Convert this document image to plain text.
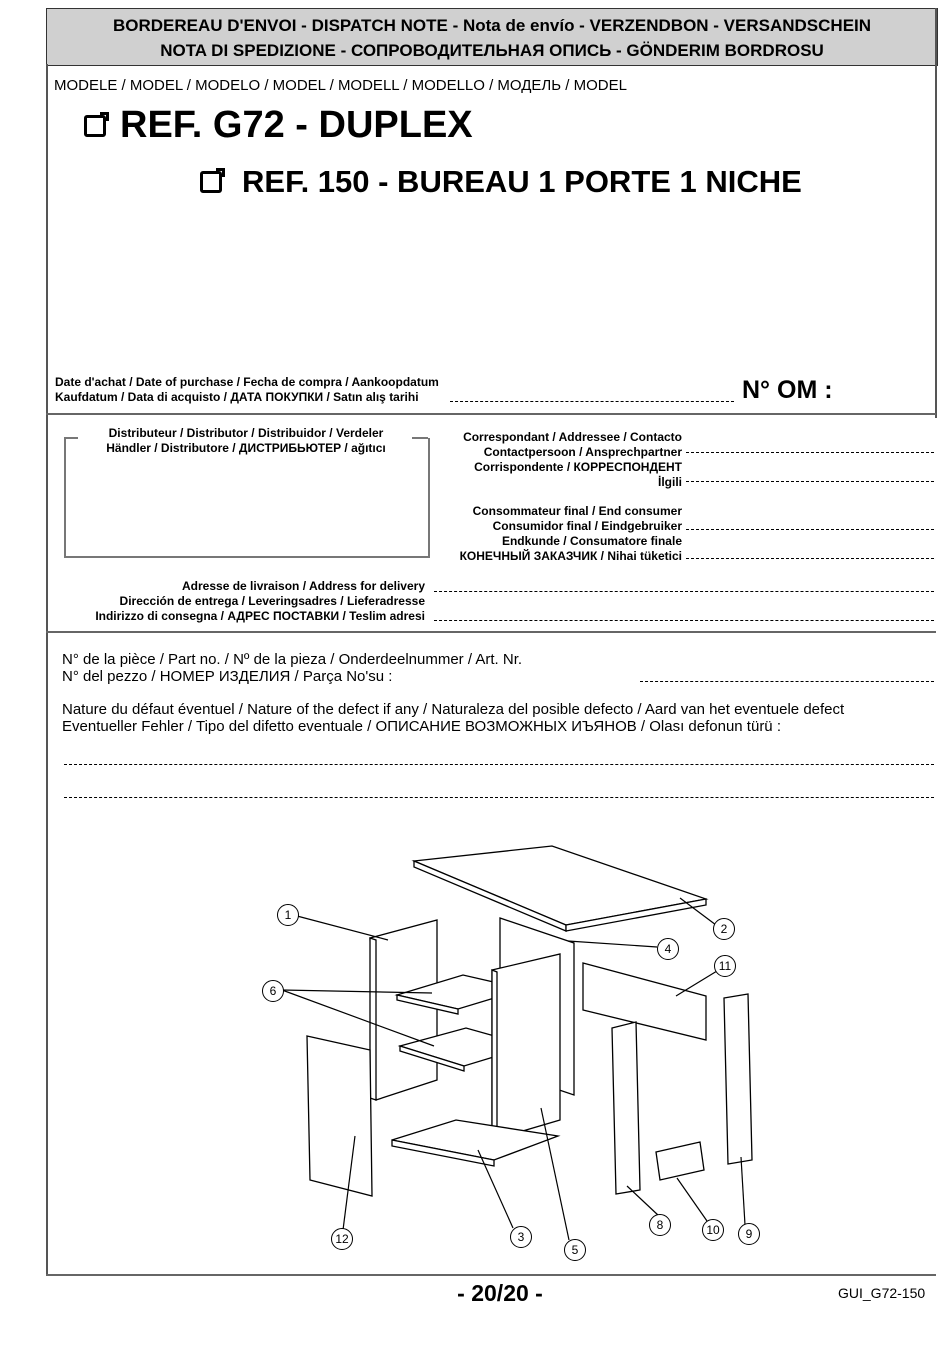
BORDEREAU D'ENVOI - DISPATCH NOTE - Nota de envío - VERZENDBON - VERSANDSCHEIN
NOTA DI SPEDIZIONE - СОПРОВОДИТЕЛЬНАЯ ОПИСЬ - GÖNDERIM BORDROSU
MODELE / MODEL / MODELO / MODEL / MODELL / MODELLO / МОДЕЛЬ / MODEL
REF. G72 - DUPLEX
REF. 150 - BUREAU 1 PORTE 1 NICHE
Date d'achat / Date of purchase / Fecha de compra / Aankoopdatum
Kaufdatum / Data di acquisto / ДАТА ПОКУПКИ / Satın alış tarihi	N° OM :
Distributeur / Distributor / Distribuidor / Verdeler
Händler / Distributore / ДИСТРИБЬЮТЕР / ağıtıcı
Correspondant / Addressee / Contacto
Contactpersoon / Ansprechpartner
Corrispondente / КОРРЕСПОНДЕНТ
İlgili
Consommateur final / End consumer
Consumidor final / Eindgebruiker
Endkunde / Consumatore finale
КОНЕЧНЫЙ ЗАКАЗЧИК / Nihai tüketici
Adresse de livraison / Address for delivery
Dirección de entrega / Leveringsadres / Lieferadresse
Indirizzo di consegna / АДРЕС ПОСТАВКИ / Teslim adresi
N° de la pièce / Part no. / Nº de la pieza / Onderdeelnummer / Art. Nr.
N° del pezzo / НОМЕР ИЗДЕЛИЯ / Parça No'su :
Nature du défaut éventuel / Nature of the defect if any / Naturaleza del posible defecto / Aard van het eventuele defect
Eventueller Fehler / Tipo del difetto eventuale / ОПИСАНИЕ ВОЗМОЖНЫХ ИЪЯНОВ / Olası defonun türü :
1
2
3
4
5
6
8
9
10
11
12
- 20/20 -	GUI_G72-150
